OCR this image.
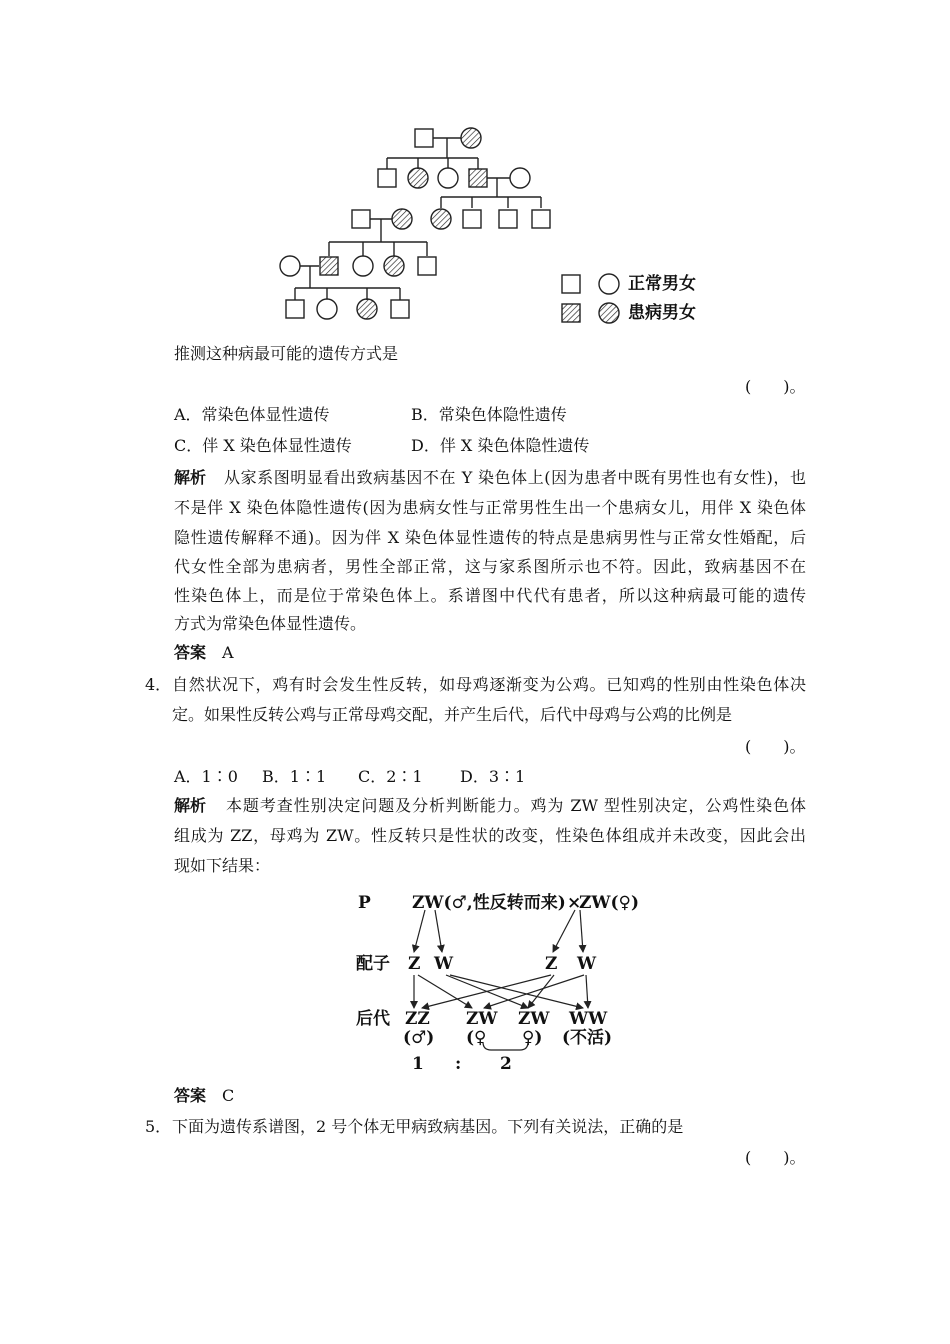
正常男女
患病男女
推测这种病最可能的遗传方式是
(　　)。
A．常染色体显性遗传	B．常染色体隐性遗传
C．伴 X 染色体显性遗传	D．伴 X 染色体隐性遗传
解析 从家系图明显看出致病基因不在 Y 染色体上(因为患者中既有男性也有女性)，也
不是伴 X 染色体隐性遗传(因为患病女性与正常男性生出一个患病女儿，用伴 X 染色体
隐性遗传解释不通)。因为伴 X 染色体显性遗传的特点是患病男性与正常女性婚配，后
代女性全部为患病者，男性全部正常，这与家系图所示也不符。因此，致病基因不在
性染色体上，而是位于常染色体上。系谱图中代代有患者，所以这种病最可能的遗传
方式为常染色体显性遗传。
答案 A
4． 自然状况下，鸡有时会发生性反转，如母鸡逐渐变为公鸡。已知鸡的性别由性染色体决
定。如果性反转公鸡与正常母鸡交配，并产生后代，后代中母鸡与公鸡的比例是
(　　)。
A．1∶0 B．1∶1 C．2∶1 D．3∶1
解析 本题考查性别决定问题及分析判断能力。鸡为 ZW 型性别决定，公鸡性染色体
组成为 ZZ，母鸡为 ZW。性反转只是性状的改变，性染色体组成并未改变，因此会出
现如下结果：
P ZW(♂,性反转而来) ×
ZW(♀)
配子 Z W	Z W
后代 ZZ ZW ZW WW
(♂) (♀ ♀) (不活)
1 : 2
答案 C
5． 下面为遗传系谱图，2 号个体无甲病致病基因。下列有关说法，正确的是
(　　)。
